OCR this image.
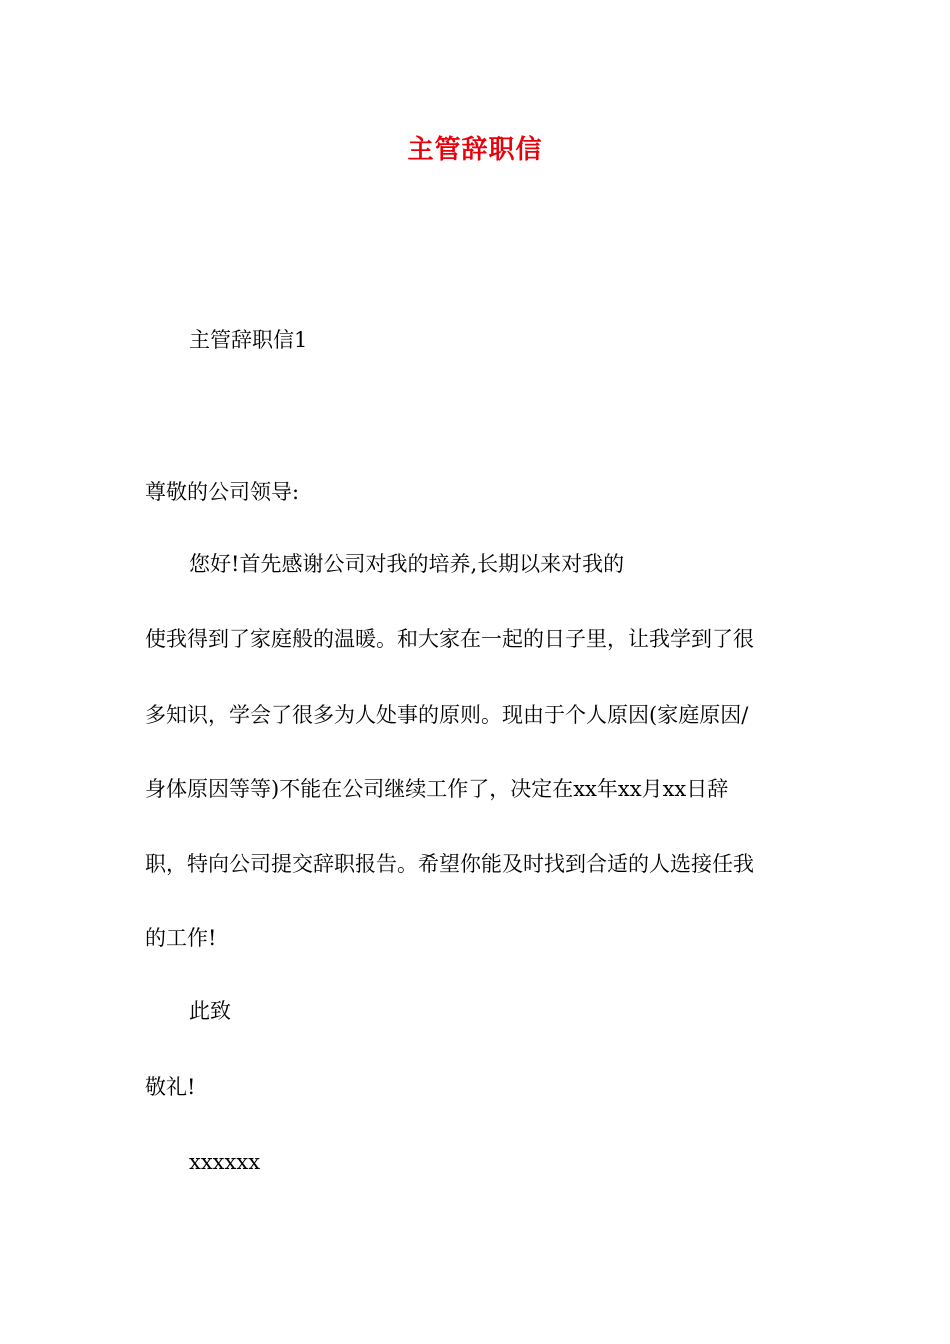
主管辞职信
主管辞职信1
尊敬的公司领导:
您好!首先感谢公司对我的培养,长期以来对我的
使我得到了家庭般的温暖。和大家在一起的日子里，让我学到了很
多知识，学会了很多为人处事的原则。现由于个人原因(家庭原因/
身体原因等等)不能在公司继续工作了，决定在xx年xx月xx日辞
职，特向公司提交辞职报告。希望你能及时找到合适的人选接任我
的工作!
此致
敬礼!
xxxxxx
